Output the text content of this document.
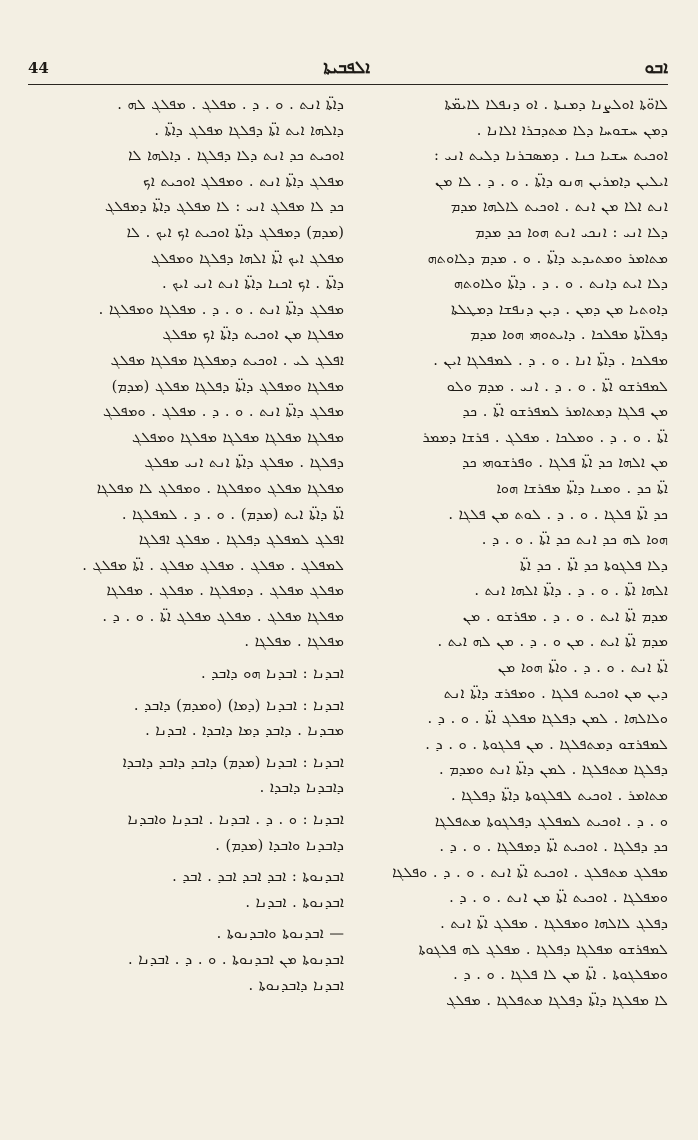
44	ܐܠܦܒܝܬܐ	ܐܒܘ
ܠܐܘ̈ܬܐ ܐܘܠܨܢܐ ܕܡܢܬܐ . ܐܘ ܕܢܦܠܐ ܠܐܝܡ̈ܬܐ
ܕܡܢ ܚܫܘܚܐ ܕܠܐ ܡܬܕܒܪܐ ܐܠܐܢܐ .
ܐܘܟܝܬ ܚܫܝܐ ܟܢܐ . ܕܡܣܒܪܢܐ ܕܠܝܬ ܐܢܝ :
ܐܝܠܝܢ ܕܐܡܪܝܢ ܗܢܘ ܕܐܬ̈ܐ . ܘ . ܕ . ܠܐ ܡܢ
ܐܢܬ ܐܠܐ ܡܢ ܐܢܬ . ܐܘܟܝܬ ܠܐܠܗܐ ܡܕܡ
ܕܠܐ ܐܢܝ : ܐܢܟܝ ܐܢܬ ܗܘܐ ܟܕ ܡܕܡ
ܡܬܐܡܪ ܘܡܬܝܕܥ ܕܐܬ̈ܐ . ܘ . ܡܕܡ ܕܠܐܘܬܗ
ܕܠܐ ܐܝܬ ܕܐܢܬ . ܘ . ܕ . ܕܐܬ̈ܐ ܘܠܐܘܬܗ
ܕܐܘܬܝܐ ܡܢ ܕܡܢ . ܕܝܢ ܕܢܦܫܐ ܕܡܛܠܬܐ
ܕܦܠܐ̈ܬܐ ܡܦܠܟܐ . ܕܐܝܬܘܗܝ ܗܘܐ ܡܕܡ
ܡܦܠܟܐ . ܕܐܬ̈ܐ ܐܢܐ . ܘ . ܕ . ܠܡܦܠܓܐ ܐܝܢ .
ܠܡܦܪܫܘ ܐܬ̈ܐ . ܘ . ܕ . ܐܢܝ . ܡܕܡ ܘܠܘ
ܡܢ ܦܠܓܐ ܕܡܬܐܡܪ ܠܡܦܪܫܘ ܐܬ̈ܐ . ܟܕ
ܐܬ̈ܐ . ܘ . ܕ . ܘܡܠܟܐ . ܡܦܠܓ . ܦܪܫܐ ܕܡܡܪ
ܡܢ ܐܠܗܐ ܟܕ ܐܬ̈ܐ ܦܠܓܐ . ܘܦܪܫܘܗܝ ܟܕ
ܐܬ̈ܐ ܟܕ . ܘܡܢܐ ܕܐܬ̈ܐ ܡܦܪܫܐ ܗܘܐ
ܟܕ ܐܬ̈ܐ ܦܠܓܐ . ܘ . ܕ . ܠܘܬ ܡܢ ܦܠܓܐ .
ܗܘܐ ܠܗ ܟܕ ܐܢܬ ܟܕ ܐܬ̈ܐ . ܘ . ܕ .
ܕܠܐ ܦܠܓܘܬܐ ܟܕ ܐܬ̈ܐ . ܟܕ ܐܬ̈ܐ
ܐܠܗܐ ܐܬ̈ܐ . ܘ . ܕ . ܕܐܬ̈ܐ ܐܠܗܐ ܐܢܬ .
ܡܕܡ ܐܬ̈ܐ ܐܝܬ . ܘ . ܕ . ܡܦܪܫܘ . ܡܢ
ܡܕܡ ܐܬ̈ܐ ܐܝܬ . ܡܢ ܘ . ܕ . ܡܢ ܠܗ ܐܝܬ .
ܐܬ̈ܐ ܐܢܬ . ܘ . ܕ . ܘܐܬ̈ܐ ܗܘܐ ܡܢ
ܕܝܢ ܡܢ ܐܘܟܝܬ ܦܠܓܐ . ܘܡܦܪܫ ܕܐܬ̈ܐ ܐܢܬ
ܘܠܐܠܗܐ . ܠܡܢ ܕܦܠܓܐ ܡܦܠܓ ܐܬ̈ܐ . ܘ . ܕ .
ܠܡܦܪܫܘ ܕܡܬܦܠܓܐ . ܡܢ ܦܠܓܘܬܐ . ܘ . ܕ .
ܕܦܠܓܐ ܡܬܦܠܓܐ . ܠܡܢ ܕܐܬ̈ܐ ܐܢܬ ܘܡܕܡ .
ܡܬܐܡܪ . ܐܘܟܝܬ ܠܦܠܓܘܬܐ ܕܐܬ̈ܐ ܕܦܠܓܐ .
ܘ . ܕ . ܐܘܟܝܬ ܠܡܦܠܓ ܕܦܠܓܘܬܐ ܡܬܦܠܓܐ
ܟܕ ܕܦܠܓܐ . ܐܘܟܝܬ ܐܬ̈ܐ ܕܡܦܠܓܐ . ܘ . ܕ .
ܡܦܠܓ ܡܬܦܠܓ . ܐܘܟܝܬ ܐܬ̈ܐ ܐܢܬ . ܘ . ܕ . ܘܦܠܓܐ
ܘܡܦܠܓܐ . ܐܘܟܝܬ ܐܬ̈ܐ ܡܢ ܐܢܬ . ܘ . ܕ .
ܕܦܠܓ ܠܐܠܗܐ ܘܡܦܠܓܐ . ܡܦܠܓ ܐܬ̈ܐ ܐܢܬ .
ܠܡܦܪܫܘ ܡܦܠܓܐ ܕܦܠܓܐ . ܡܦܠܓ ܠܗ ܦܠܓܘܬܐ
ܘܡܦܠܓܘܬܐ . ܐܬ̈ܐ ܡܢ ܠܐ ܦܠܓܐ . ܘ . ܕ .
ܠܐ ܡܦܠܓܐ ܕܐܬ̈ܐ ܕܦܠܓܐ ܡܬܦܠܓܐ . ܡܦܠܓ
ܕܐܬ̈ܐ ܐܢܬ . ܘ . ܕ . ܡܦܠܓ . ܡܦܠܓ ܠܗ .
ܕܐܠܗܐ ܐܝܬ ܐܬ̈ܐ ܕܦܠܓܐ ܡܦܠܓ ܕܐܬ̈ܐ .
ܐܘܟܝܬ ܟܕ ܐܢܬ ܕܠܐ ܕܦܠܓܐ . ܕܐܠܗܐ ܠܐ
ܡܦܠܓ ܕܐܬ̈ܐ ܐܢܬ . ܘܡܦܠܓ ܐܘܟܝܬ ܐܟ
ܟܕ ܠܐ ܡܦܠܓ ܐܢܝ : ܠܐ ܡܦܠܓ ܕܐܬ̈ܐ ܕܡܦܠܓ
(ܡܕܡ) ܕܡܦܠܓ ܕܐܬ̈ܐ ܐܘܟܝܬ ܐܟ ܐܝܟ . ܠܐ
ܡܦܠܓ ܐܝܟ ܐܬ̈ܐ ܐܠܗܐ ܕܦܠܓܐ ܘܡܦܠܓ
ܕܐܬ̈ܐ . ܐܟ ܐܟܢܐ ܕܐܬ̈ܐ ܐܢܬ ܐܢܝ ܐܝܟ .
ܡܦܠܓ ܕܐܬ̈ܐ ܐܢܬ . ܘ . ܕ . ܡܦܠܓܐ ܘܡܦܠܓܐ .
ܡܦܠܓܐ ܡܢ ܐܘܟܝܬ ܕܐܬ̈ܐ ܐܟ ܡܦܠܓ
ܐܦܠܓ ܠܝ . ܐܘܟܝܬ ܕܡܦܠܓܐ ܡܦܠܓܐ ܡܦܠܓ
ܡܦܠܓܐ ܘܡܦܠܓ ܕܐܬ̈ܐ ܕܦܠܓܐ ܡܦܠܓ (ܡܕܡ)
ܡܦܠܓ ܕܐܬ̈ܐ ܐܢܬ . ܘ . ܕ . ܡܦܠܓ . ܘܡܦܠܓ
ܡܦܠܓܐ ܡܦܠܓܐ ܡܦܠܓܐ ܡܦܠܓܐ ܘܡܦܠܓ
ܕܦܠܓܐ . ܡܦܠܓ ܕܐܬ̈ܐ ܐܢܬ ܐܢܝ ܡܦܠܓ
ܡܦܠܓܐ ܡܦܠܓ ܘܡܦܠܓܐ . ܘܡܦܠܓ ܠܐ ܡܦܠܓܐ
ܐܬ̈ܐ ܕܐܬ̈ܐ ܐܝܬ (ܡܕܡ) . ܘ . ܕ . ܠܡܦܠܓܐ .
ܐܦܠܓ ܠܡܦܠܓ ܕܦܠܓܐ . ܡܦܠܓ ܐܦܠܓܐ
ܠܡܦܠܓ . ܡܦܠܓ . ܡܦܠܓ ܡܦܠܓ . ܐܬ̈ܐ ܡܦܠܓ .
ܡܦܠܓ ܡܦܠܓ . ܕܡܦܠܓܐ . ܡܦܠܓ . ܡܦܠܓܐ
ܡܦܠܓܐ ܡܦܠܓ . ܡܦܠܓ ܡܦܠܓ ܐܬ̈ܐ . ܘ . ܕ .
ܡܦܠܓܐ . ܡܦܠܓܐ .
ܐܒܕܢܐ : ܐܒܕܢܐ ܗܘ ܕܐܒܕ .
ܐܒܕܢܐ : ܐܒܕܢܐ (ܕܡܐ) (ܘܡܕܡ) ܕܐܒܕ .
ܡܒܕܢܐ . ܕܐܒܕ ܕܡܐ ܕܐܒܕܐ . ܐܒܕܢܐ .
ܐܒܕܢܐ : ܐܒܕܢܐ (ܡܕܡ) ܕܐܒܕ ܕܐܒܕ ܕܐܒܕܐ
ܕܐܒܕܢܐ ܕܐܒܕܐ .
ܐܒܕܢܐ : ܘ . ܕ . ܐܒܕܢܐ . ܐܒܕܢܐ ܘܐܒܕܢܐ
ܕܐܒܕܢܐ ܘܐܒܕܐ (ܡܕܡ) .
ܐܒܕܢܘܬܐ : ܐܒܕ ܐܒܕ ܐܒܕ . ܐܒܕ .
ܐܒܕܢܘܬܐ . ܐܒܕܢܐ .
— ܐܒܕܢܘܬܐ ܘܐܒܕܢܘܬܐ .
ܐܒܕܢܘܬܐ ܡܢ ܐܒܕܢܘܬܐ . ܘ . ܕ . ܐܒܕܢܐ .
ܐܒܕܢܐ ܕܐܒܕܢܘܬܐ .
